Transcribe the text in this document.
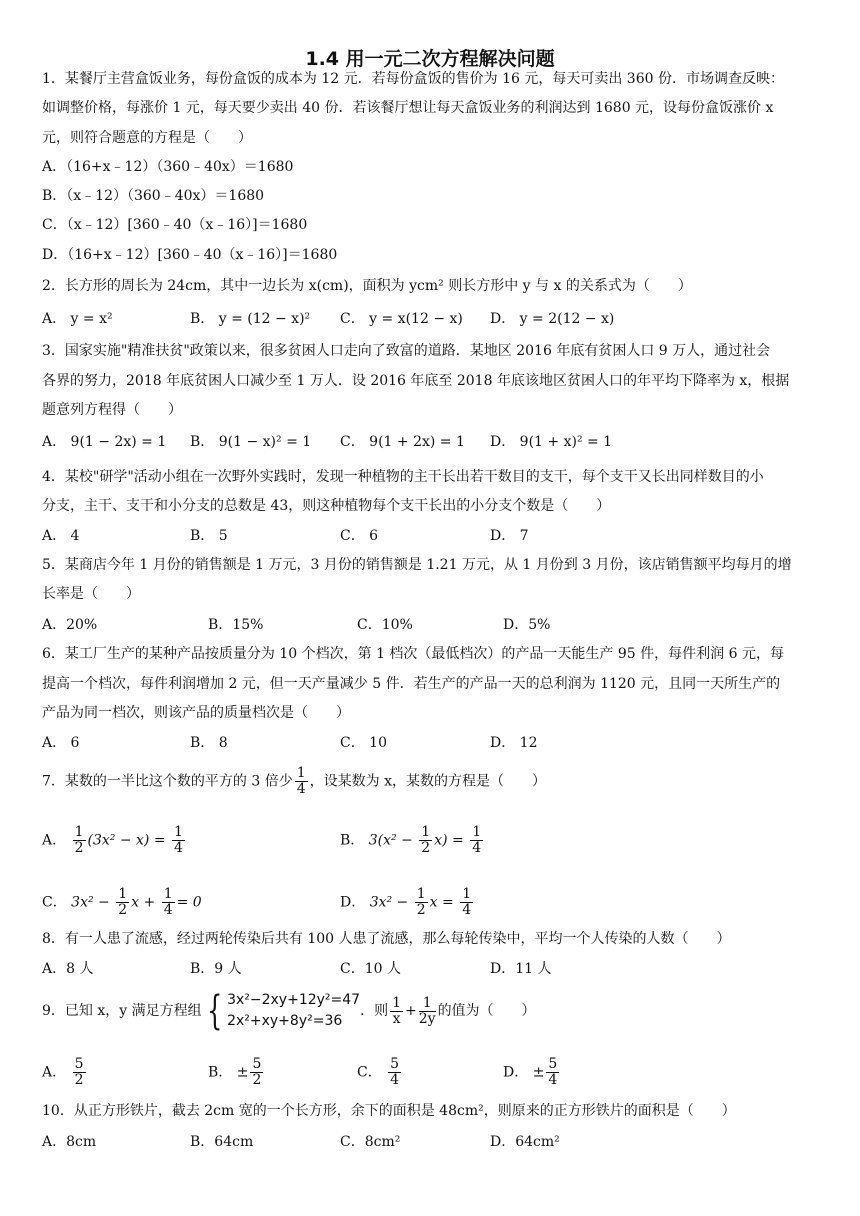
1.4 用一元二次方程解决问题
1．某餐厅主营盒饭业务，每份盒饭的成本为 12 元．若每份盒饭的售价为 16 元，每天可卖出 360 份．市场调查反映：
如调整价格，每涨价 1 元，每天要少卖出 40 份．若该餐厅想让每天盒饭业务的利润达到 1680 元，设每份盒饭涨价 x
元，则符合题意的方程是（　　）
A．（16+x﹣12）（360﹣40x）＝1680
B．（x﹣12）（360﹣40x）＝1680
C．（x﹣12）[360﹣40（x﹣16）]＝1680
D．（16+x﹣12）[360﹣40（x﹣16）]＝1680
2．长方形的周长为 24cm，其中一边长为 x(cm)，面积为 ycm² 则长方形中 y 与 x 的关系式为（　　）
A． y = x²	B． y = (12 − x)² C． y = x(12 − x) D． y = 2(12 − x)
3．国家实施"精准扶贫"政策以来，很多贫困人口走向了致富的道路．某地区 2016 年底有贫困人口 9 万人，通过社会
各界的努力，2018 年底贫困人口减少至 1 万人．设 2016 年底至 2018 年底该地区贫困人口的年平均下降率为 x，根据
题意列方程得（　　）
A． 9(1 − 2x) = 1 B． 9(1 − x)² = 1 C． 9(1 + 2x) = 1 D． 9(1 + x)² = 1
4．某校"研学"活动小组在一次野外实践时，发现一种植物的主干长出若干数目的支干，每个支干又长出同样数目的小
分支，主干、支干和小分支的总数是 43，则这种植物每个支干长出的小分支个数是（　　）
A． 4	B． 5	C． 6	D． 7
5．某商店今年 1 月份的销售额是 1 万元，3 月份的销售额是 1.21 万元，从 1 月份到 3 月份，该店销售额平均每月的增
长率是（　　）
A．20%	B．15%	C．10%	D．5%
6．某工厂生产的某种产品按质量分为 10 个档次，第 1 档次（最低档次）的产品一天能生产 95 件，每件利润 6 元，每
提高一个档次，每件利润增加 2 元，但一天产量减少 5 件．若生产的产品一天的总利润为 1120 元，且同一天所生产的
产品为同一档次，则该产品的质量档次是（　　）
A． 6	B． 8	C． 10	D． 12
7．某数的一半比这个数的平方的 3 倍少 $\frac{1}{4}$ ，设某数为 x，某数的方程是（　　）
A． $\frac{1}{2} (3x^2 - x) = \frac{1}{4}$	B． $3(x^2 - \frac{1}{2} x) = \frac{1}{4}$
C． $3x^2 - \frac{1}{2}$ $x + \frac{1}{4} = 0$	D． $3x^2 - \frac{1}{2}$ $x = \frac{1}{4}$
8．有一人患了流感，经过两轮传染后共有 100 人患了流感，那么每轮传染中，平均一个人传染的人数（　　）
A．8 人	B．9 人	C．10 人	D．11 人
9．已知 x，y 满足方程组 { 3x²−2xy+12y²=47
2x²+xy+8y²=36
．则 $\frac{1}{x} + \frac{1}{2y}$ 的值为（　　）
A． $\frac{5}{2}$	B． ± $\frac{5}{2}$	C． $\frac{5}{4}$	D． ± $\frac{5}{4}$
10．从正方形铁片，截去 2cm 宽的一个长方形，余下的面积是 48cm²，则原来的正方形铁片的面积是（　　）
A．8cm	B．64cm	C．8cm²	D．64cm²
